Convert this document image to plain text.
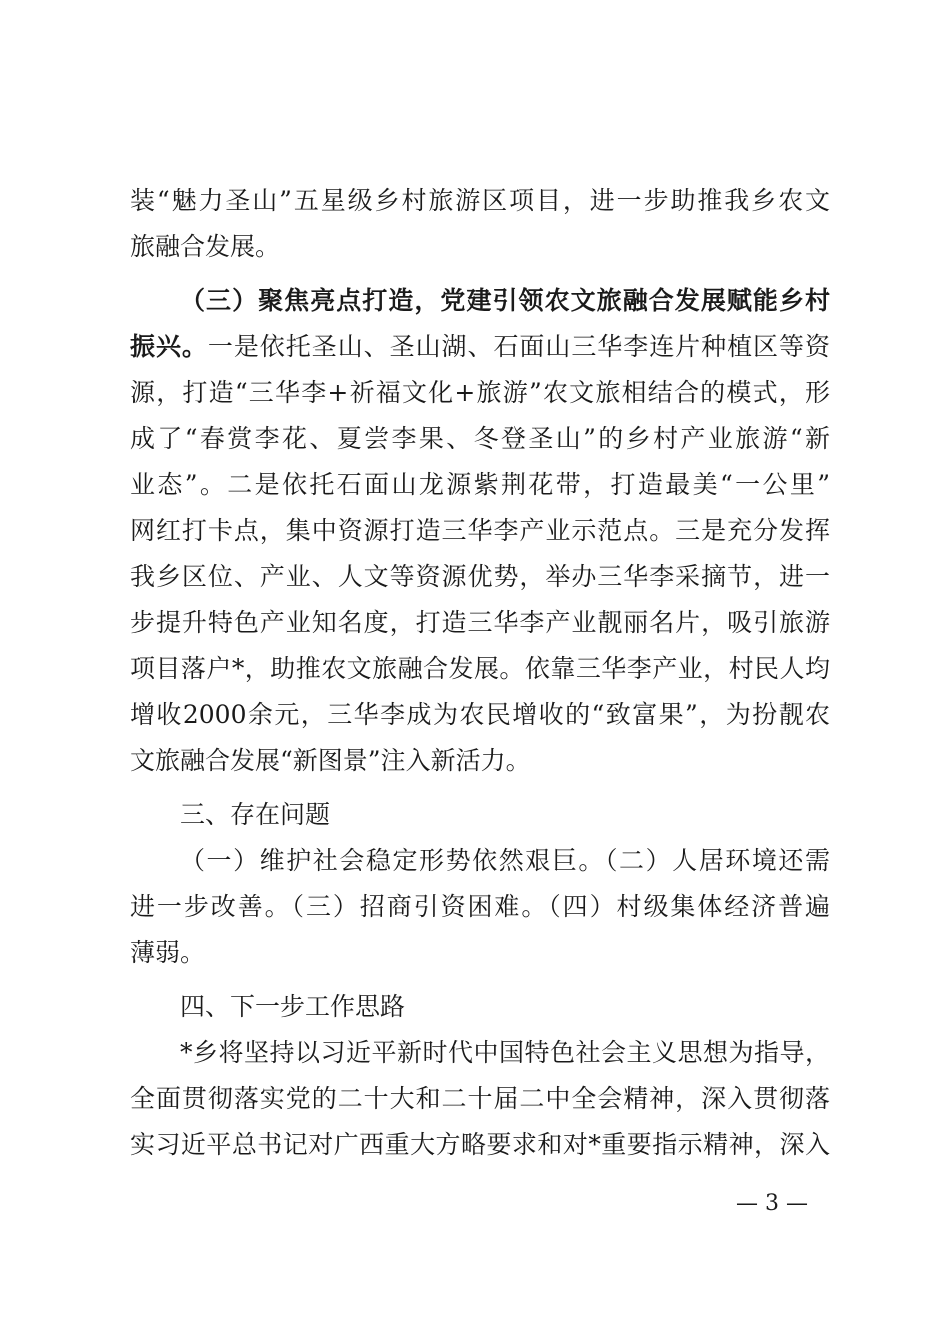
装“魅力圣山”五星级乡村旅游区项目，进一步助推我乡农文
旅融合发展。
（三）聚焦亮点打造，党建引领农文旅融合发展赋能乡村
振兴。一是依托圣山、圣山湖、石面山三华李连片种植区等资
源，打造“三华李+祈福文化+旅游”农文旅相结合的模式，形
成了“春赏李花、夏尝李果、冬登圣山”的乡村产业旅游“新
业态”。二是依托石面山龙源紫荆花带，打造最美“一公里”
网红打卡点，集中资源打造三华李产业示范点。三是充分发挥
我乡区位、产业、人文等资源优势，举办三华李采摘节，进一
步提升特色产业知名度，打造三华李产业靓丽名片，吸引旅游
项目落户*，助推农文旅融合发展。依靠三华李产业，村民人均
增收2000余元，三华李成为农民增收的“致富果”，为扮靓农
文旅融合发展“新图景”注入新活力。
三、存在问题
（一）维护社会稳定形势依然艰巨。（二）人居环境还需
进一步改善。（三）招商引资困难。（四）村级集体经济普遍
薄弱。
四、下一步工作思路
*乡将坚持以习近平新时代中国特色社会主义思想为指导，
全面贯彻落实党的二十大和二十届二中全会精神，深入贯彻落
实习近平总书记对广西重大方略要求和对*重要指示精神，深入
— 3 —
